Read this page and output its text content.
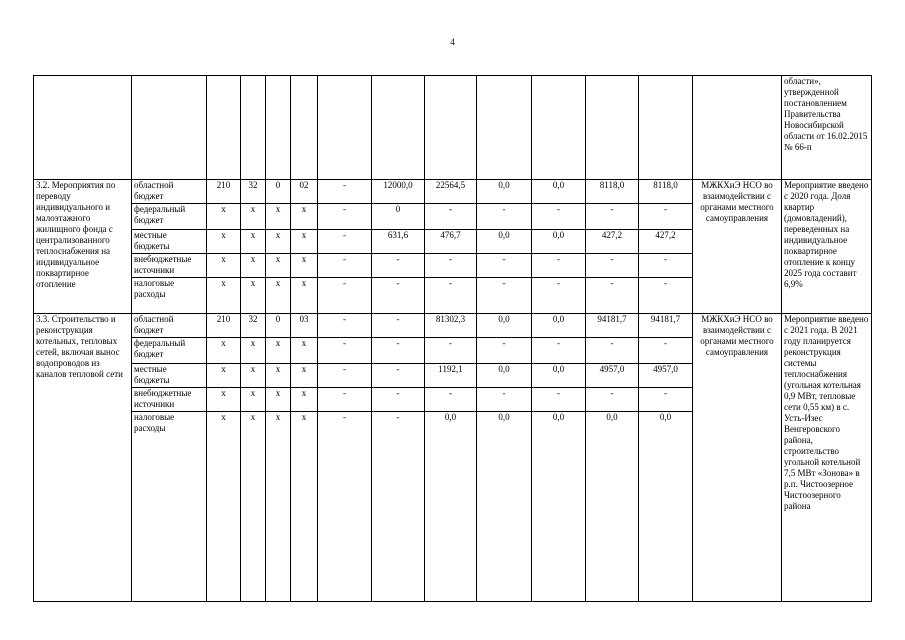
4
														области», утвержденной постановлением Правительства Новосибирской области от 16.02.2015 № 66-п
3.2. Мероприятия по переводу индивидуального и малоэтажного жилищного фонда с централизованного теплоснабжения на индивидуальное поквартирное отопление	областной бюджет	210	32	0	02	-	12000,0	22564,5	0,0	0,0	8118,0	8118,0	МЖКХиЭ НСО во взаимодействии с органами местного самоуправления	Мероприятие введено с 2020 года. Доля квартир (домовладений), переведенных на индивидуальное поквартирное отопление к концу 2025 года составит 6,9%
	федеральный бюджет	х	х	х	х	-	0	-	-	-	-	-		
	местные бюджеты	х	х	х	х	-	631,6	476,7	0,0	0,0	427,2	427,2		
	внебюджетные источники	х	х	х	х	-	-	-	-	-	-	-		
	налоговые расходы	х	х	х	х	-	-	-	-	-	-	-		
3.3. Строительство и реконструкция котельных, тепловых сетей, включая вынос водопроводов из каналов тепловой сети	областной бюджет	210	32	0	03	-	-	81302,3	0,0	0,0	94181,7	94181,7	МЖКХиЭ НСО во взаимодействии с органами местного самоуправления	Мероприятие введено с 2021 года. В 2021 году планируется реконструкция системы теплоснабжения (угольная котельная 0,9 МВт, тепловые сети 0,55 км) в с. Усть-Изес Венгеровского района, строительство угольной котельной 7,5 МВт «Зонова» в р.п. Чистоозерное Чистоозерного района
	федеральный бюджет	х	х	х	х	-	-	-	-	-	-	-		
	местные бюджеты	х	х	х	х	-	-	1192,1	0,0	0,0	4957,0	4957,0		
	внебюджетные источники	х	х	х	х	-	-	-	-	-	-	-		
	налоговые расходы	х	х	х	х	-	-	0,0	0,0	0,0	0,0	0,0		
